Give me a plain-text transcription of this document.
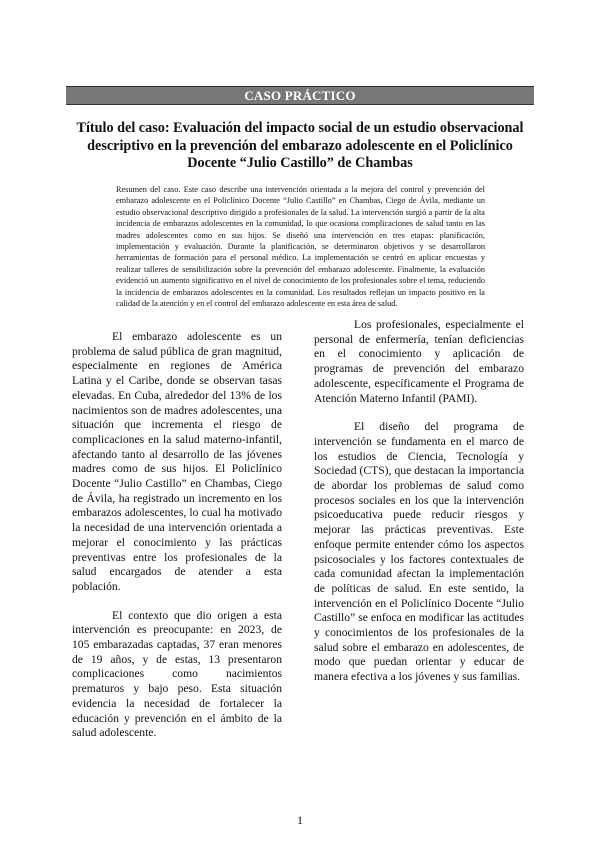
CASO PRÁCTICO
Título del caso: Evaluación del impacto social de un estudio observacional descriptivo en la prevención del embarazo adolescente en el Policlínico Docente “Julio Castillo” de Chambas
Resumen del caso. Este caso describe una intervención orientada a la mejora del control y prevención del embarazo adolescente en el Policlínico Docente “Julio Castillo” en Chambas, Ciego de Ávila, mediante un estudio observacional descriptivo dirigido a profesionales de la salud. La intervención surgió a partir de la alta incidencia de embarazos adolescentes en la comunidad, lo que ocasiona complicaciones de salud tanto en las madres adolescentes como en sus hijos. Se diseñó una intervención en tres etapas: planificación, implementación y evaluación. Durante la planificación, se determinaron objetivos y se desarrollaron herramientas de formación para el personal médico. La implementación se centró en aplicar encuestas y realizar talleres de sensibilización sobre la prevención del embarazo adolescente. Finalmente, la evaluación evidenció un aumento significativo en el nivel de conocimiento de los profesionales sobre el tema, reduciendo la incidencia de embarazos adolescentes en la comunidad. Los resultados reflejan un impacto positivo en la calidad de la atención y en el control del embarazo adolescente en esta área de salud.

El embarazo adolescente es un problema de salud pública de gran magnitud, especialmente en regiones de América Latina y el Caribe, donde se observan tasas elevadas. En Cuba, alrededor del 13% de los nacimientos son de madres adolescentes, una situación que incrementa el riesgo de complicaciones en la salud materno-infantil, afectando tanto al desarrollo de las jóvenes madres como de sus hijos. El Policlínico Docente “Julio Castillo” en Chambas, Ciego de Ávila, ha registrado un incremento en los embarazos adolescentes, lo cual ha motivado la necesidad de una intervención orientada a mejorar el conocimiento y las prácticas preventivas entre los profesionales de la salud encargados de atender a esta población.

El contexto que dio origen a esta intervención es preocupante: en 2023, de 105 embarazadas captadas, 37 eran menores de 19 años, y de estas, 13 presentaron complicaciones como nacimientos prematuros y bajo peso. Esta situación evidencia la necesidad de fortalecer la educación y prevención en el ámbito de la salud adolescente.

Los profesionales, especialmente el personal de enfermería, tenían deficiencias en el conocimiento y aplicación de programas de prevención del embarazo adolescente, específicamente el Programa de Atención Materno Infantil (PAMI).

El diseño del programa de intervención se fundamenta en el marco de los estudios de Ciencia, Tecnología y Sociedad (CTS), que destacan la importancia de abordar los problemas de salud como procesos sociales en los que la intervención psicoeducativa puede reducir riesgos y mejorar las prácticas preventivas. Este enfoque permite entender cómo los aspectos psicosociales y los factores contextuales de cada comunidad afectan la implementación de políticas de salud. En este sentido, la intervención en el Policlínico Docente “Julio Castillo” se enfoca en modificar las actitudes y conocimientos de los profesionales de la salud sobre el embarazo en adolescentes, de modo que puedan orientar y educar de manera efectiva a los jóvenes y sus familias.

1
